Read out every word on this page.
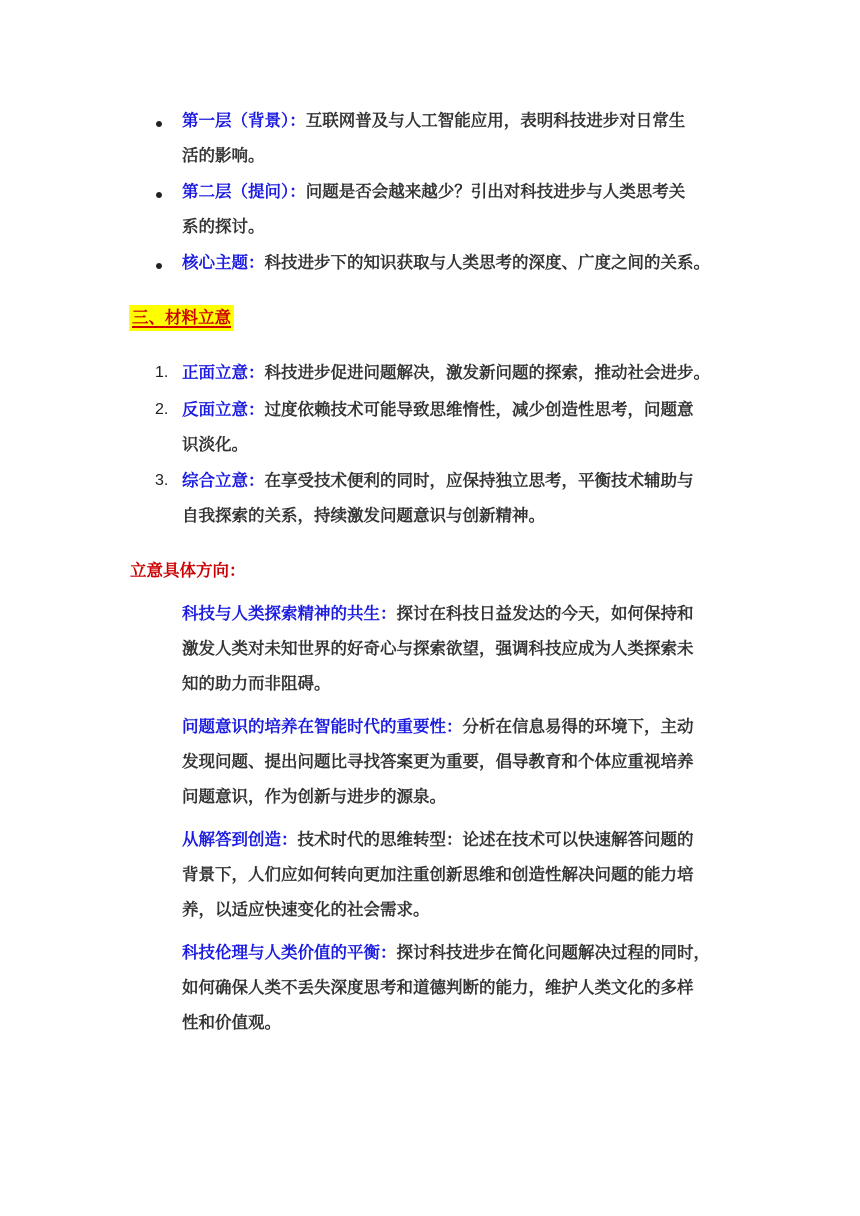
第一层（背景）：互联网普及与人工智能应用，表明科技进步对日常生
活的影响。
第二层（提问）：问题是否会越来越少？引出对科技进步与人类思考关
系的探讨。
核心主题：科技进步下的知识获取与人类思考的深度、广度之间的关系。
三、材料立意
1. 正面立意：科技进步促进问题解决，激发新问题的探索，推动社会进步。
2. 反面立意：过度依赖技术可能导致思维惰性，减少创造性思考，问题意
识淡化。
3. 综合立意：在享受技术便利的同时，应保持独立思考，平衡技术辅助与
自我探索的关系，持续激发问题意识与创新精神。
立意具体方向：
科技与人类探索精神的共生：探讨在科技日益发达的今天，如何保持和
激发人类对未知世界的好奇心与探索欲望，强调科技应成为人类探索未
知的助力而非阻碍。
问题意识的培养在智能时代的重要性：分析在信息易得的环境下，主动
发现问题、提出问题比寻找答案更为重要，倡导教育和个体应重视培养
问题意识，作为创新与进步的源泉。
从解答到创造：技术时代的思维转型：论述在技术可以快速解答问题的
背景下，人们应如何转向更加注重创新思维和创造性解决问题的能力培
养，以适应快速变化的社会需求。
科技伦理与人类价值的平衡：探讨科技进步在简化问题解决过程的同时，
如何确保人类不丢失深度思考和道德判断的能力，维护人类文化的多样
性和价值观。
